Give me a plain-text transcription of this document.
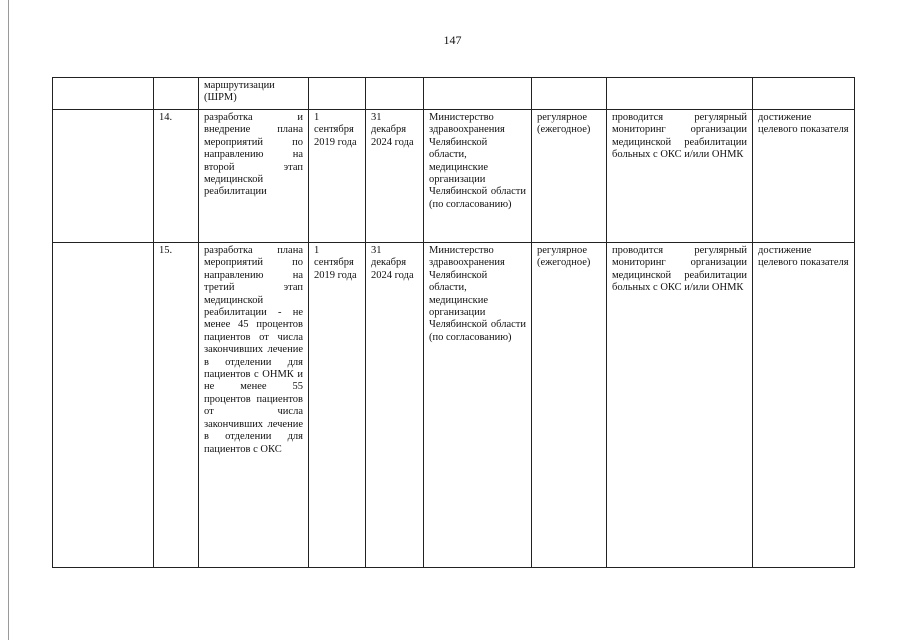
147
		маршрутизации (ШРМ)						
	14.	разработка и внедрение плана мероприятий по направлению на второй этап медицинской реабилитации	1 сентября 2019 года	31 декабря 2024 года	Министерство здравоохранения Челябинской области, медицинские организации Челябинской области (по согласованию)	регулярное (ежегодное)	проводится регулярный мониторинг организации медицинской реабилитации больных с ОКС и/или ОНМК	достижение целевого показателя
	15.	разработка плана мероприятий по направлению на третий этап медицинской реабилитации - не менее 45 процентов пациентов от числа закончивших лечение в отделении для пациентов с ОНМК и не менее 55 процентов пациентов от числа закончивших лечение в отделении для пациентов с ОКС	1 сентября 2019 года	31 декабря 2024 года	Министерство здравоохранения Челябинской области, медицинские организации Челябинской области (по согласованию)	регулярное (ежегодное)	проводится регулярный мониторинг организации медицинской реабилитации больных с ОКС и/или ОНМК	достижение целевого показателя
